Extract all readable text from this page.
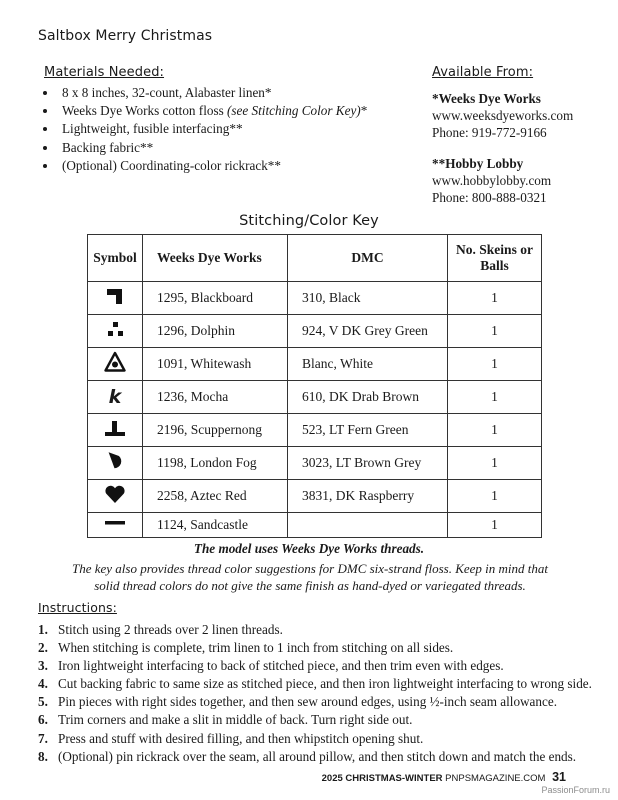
Saltbox Merry Christmas
Materials Needed:
• 8 x 8 inches, 32-count, Alabaster linen*
• Weeks Dye Works cotton floss (see Stitching Color Key)*
• Lightweight, fusible interfacing**
• Backing fabric**
• (Optional) Coordinating-color rickrack**
Available From:
*Weeks Dye Works
www.weeksdyeworks.com
Phone: 919-772-9166
**Hobby Lobby
www.hobbylobby.com
Phone: 800-888-0321
Stitching/Color Key
Symbol	Weeks Dye Works	DMC	No. Skeins or Balls
	1295, Blackboard	310, Black	1
	1296, Dolphin	924, V DK Grey Green	1
	1091, Whitewash	Blanc, White	1
k	1236, Mocha	610, DK Drab Brown	1
	2196, Scuppernong	523, LT Fern Green	1
	1198, London Fog	3023, LT Brown Grey	1
	2258, Aztec Red	3831, DK Raspberry	1
	1124, Sandcastle		1
The model uses Weeks Dye Works threads.
The key also provides thread color suggestions for DMC six-strand floss. Keep in mind that solid thread colors do not give the same finish as hand-dyed or variegated threads.
Instructions:
1. Stitch using 2 threads over 2 linen threads.
2. When stitching is complete, trim linen to 1 inch from stitching on all sides.
3. Iron lightweight interfacing to back of stitched piece, and then trim even with edges.
4. Cut backing fabric to same size as stitched piece, and then iron lightweight interfacing to wrong side.
5. Pin pieces with right sides together, and then sew around edges, using ½-inch seam allowance.
6. Trim corners and make a slit in middle of back. Turn right side out.
7. Press and stuff with desired filling, and then whipstitch opening shut.
8. (Optional) pin rickrack over the seam, all around pillow, and then stitch down and match the ends.
2025 CHRISTMAS-WINTER PNPSMAGAZINE.COM 31
PassionForum.ru
